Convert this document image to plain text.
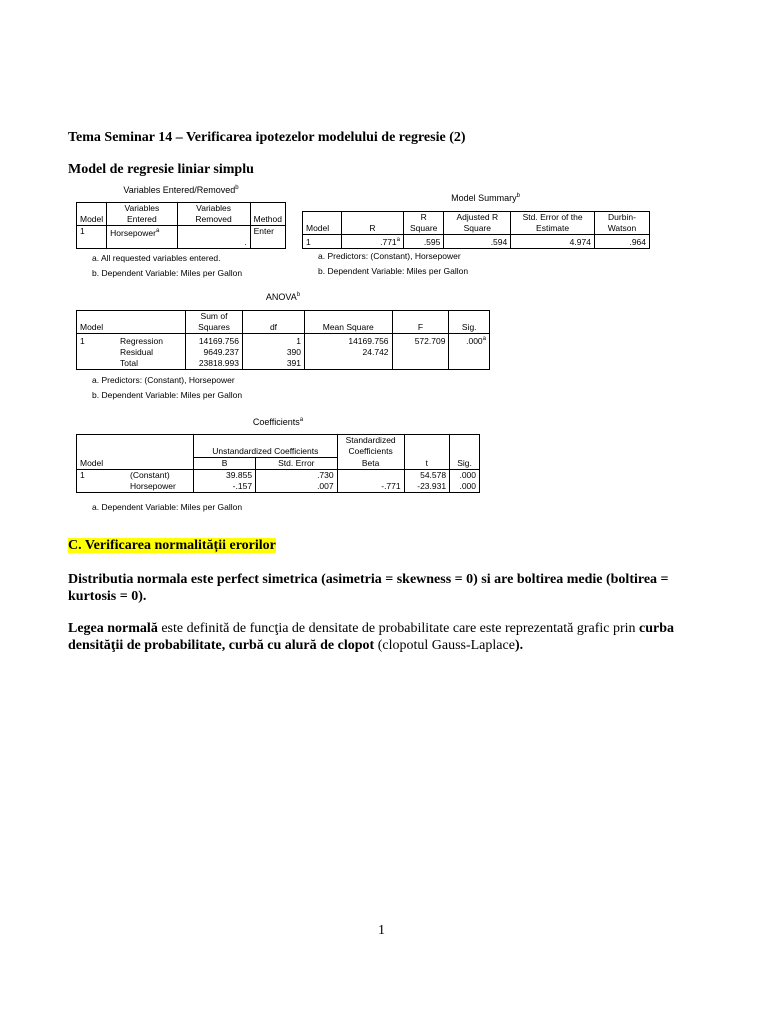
Tema Seminar 14 – Verificarea ipotezelor modelului de regresie (2)
Model de regresie liniar simplu
Variables Entered/Removed$^b$
Model	Variables Entered	Variables Removed	Method
1	Horsepower$^a$	.	Enter
a. All requested variables entered.
b. Dependent Variable: Miles per Gallon
Model Summary$^b$
Model	R	R Square	Adjusted R Square	Std. Error of the Estimate	Durbin-Watson
1	.771$^a$	.595	.594	4.974	.964
a. Predictors: (Constant), Horsepower
b. Dependent Variable: Miles per Gallon
ANOVA$^b$
Model		Sum of Squares	df	Mean Square	F	Sig.
1	Regression	14169.756	1	14169.756	572.709	.000$^a$
	Residual	9649.237	390	24.742		
	Total	23818.993	391			
a. Predictors: (Constant), Horsepower
b. Dependent Variable: Miles per Gallon
Coefficients$^a$
		Unstandardized Coefficients		Standardized Coefficients		
Model		B	Std. Error	Beta	t	Sig.
1	(Constant)	39.855	.730		54.578	.000
	Horsepower	-.157	.007	-.771	-23.931	.000
a. Dependent Variable: Miles per Gallon
C. Verificarea normalității erorilor
Distributia normala este perfect simetrica (asimetria = skewness = 0) si are boltirea medie (boltirea = kurtosis = 0).
Legea normală este definită de funcţia de densitate de probabilitate care este reprezentată grafic prin curba densităţii de probabilitate, curbă cu alură de clopot (clopotul Gauss-Laplace).
1
